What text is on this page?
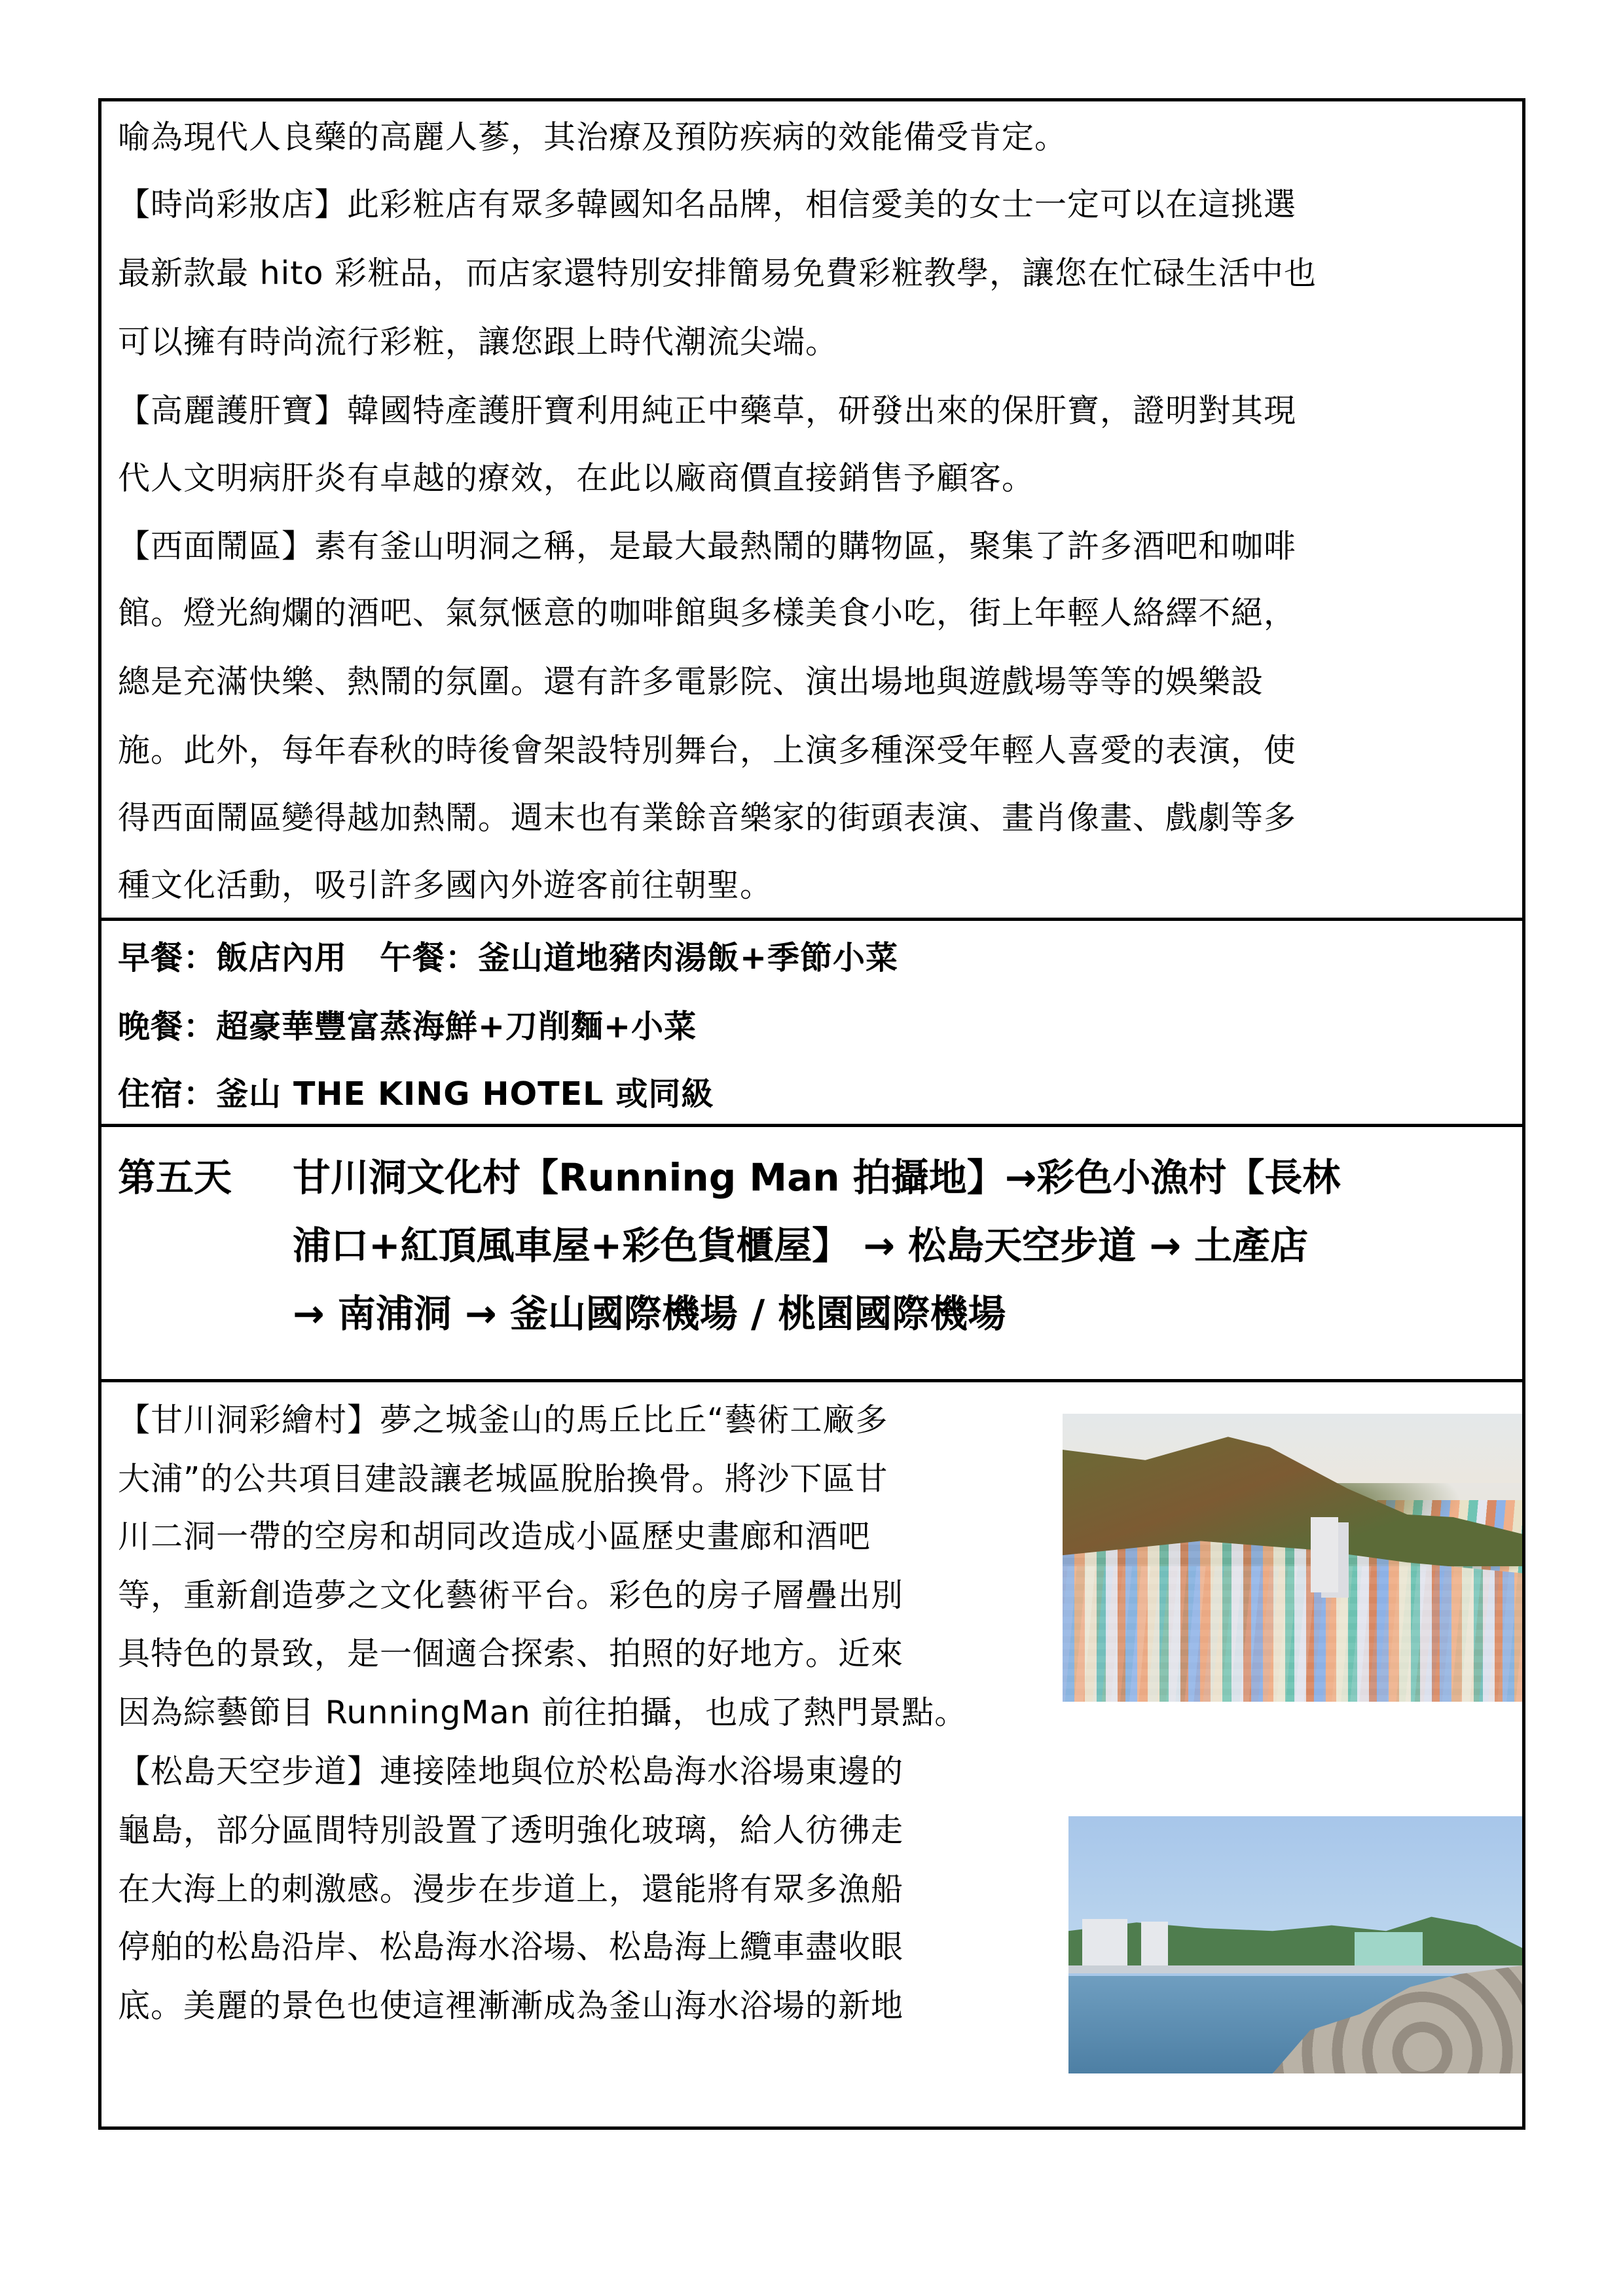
喻為現代人良藥的高麗人蔘，其治療及預防疾病的效能備受肯定。
【時尚彩妝店】此彩粧店有眾多韓國知名品牌，相信愛美的女士一定可以在這挑選
最新款最 hito 彩粧品，而店家還特別安排簡易免費彩粧教學，讓您在忙碌生活中也
可以擁有時尚流行彩粧，讓您跟上時代潮流尖端。
【高麗護肝寶】韓國特產護肝寶利用純正中藥草，研發出來的保肝寶，證明對其現
代人文明病肝炎有卓越的療效，在此以廠商價直接銷售予顧客。
【西面鬧區】素有釜山明洞之稱，是最大最熱鬧的購物區，聚集了許多酒吧和咖啡
館。燈光絢爛的酒吧、氣氛愜意的咖啡館與多樣美食小吃，街上年輕人絡繹不絕，
總是充滿快樂、熱鬧的氛圍。還有許多電影院、演出場地與遊戲場等等的娛樂設
施。此外，每年春秋的時後會架設特別舞台，上演多種深受年輕人喜愛的表演，使
得西面鬧區變得越加熱鬧。週末也有業餘音樂家的街頭表演、畫肖像畫、戲劇等多
種文化活動，吸引許多國內外遊客前往朝聖。
早餐：飯店內用　午餐：釜山道地豬肉湯飯+季節小菜
晚餐：超豪華豐富蒸海鮮+刀削麵+小菜
住宿：釜山 THE KING HOTEL 或同級
第五天 甘川洞文化村【Running Man 拍攝地】→彩色小漁村【長林
浦口+紅頂風車屋+彩色貨櫃屋】 → 松島天空步道 → 土產店
→ 南浦洞 → 釜山國際機場 / 桃園國際機場
【甘川洞彩繪村】夢之城釜山的馬丘比丘“藝術工廠多
大浦”的公共項目建設讓老城區脫胎換骨。將沙下區甘
川二洞一帶的空房和胡同改造成小區歷史畫廊和酒吧
等，重新創造夢之文化藝術平台。彩色的房子層疊出別
具特色的景致，是一個適合探索、拍照的好地方。近來
因為綜藝節目 RunningMan 前往拍攝，也成了熱門景點。
【松島天空步道】連接陸地與位於松島海水浴場東邊的
龜島，部分區間特別設置了透明強化玻璃，給人彷彿走
在大海上的刺激感。漫步在步道上，還能將有眾多漁船
停舶的松島沿岸、松島海水浴場、松島海上纜車盡收眼
底。美麗的景色也使這裡漸漸成為釜山海水浴場的新地
